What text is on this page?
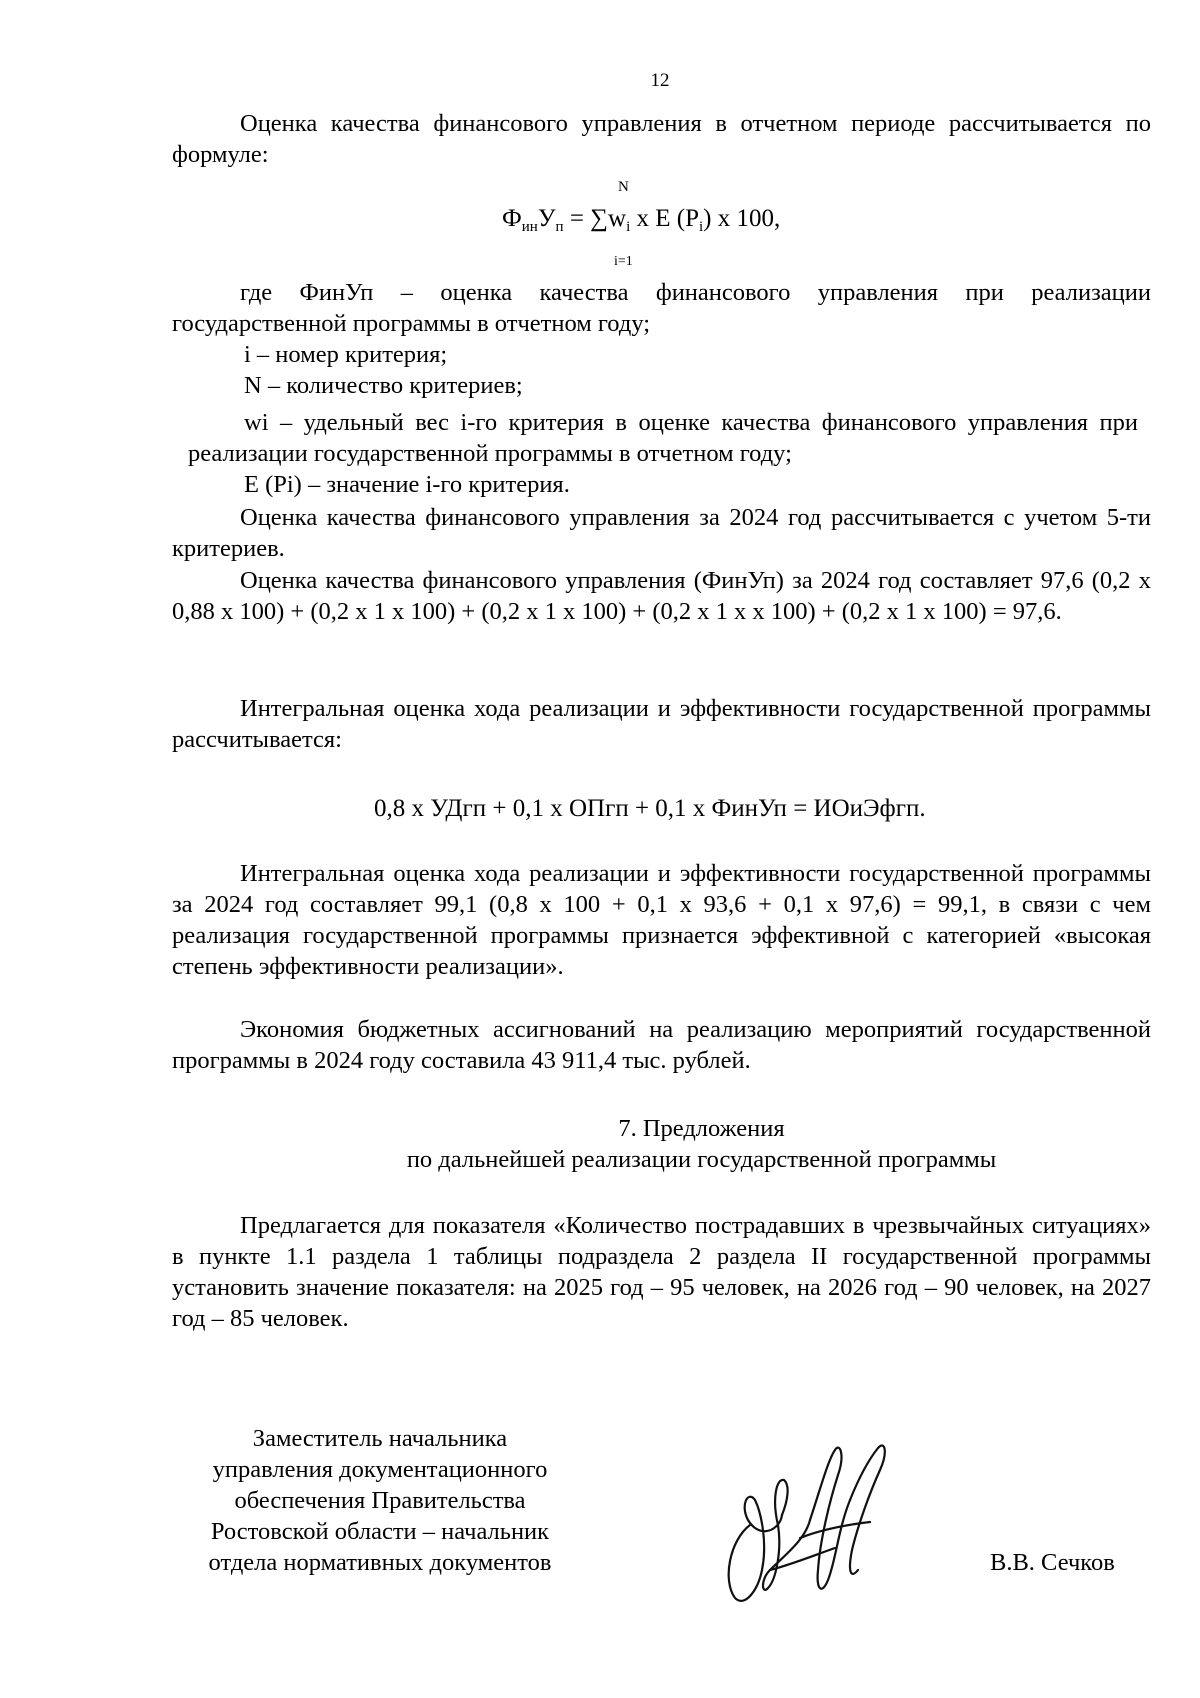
12
Оценка качества финансового управления в отчетном периоде рассчитывается по формуле:
N
$Ф_{ин}У_п = \sum w_i$ x E $(P_i)$ x 100,
i=1
где ФинУп – оценка качества финансового управления при реализации государственной программы в отчетном году;
i – номер критерия;
N – количество критериев;
wi – удельный вес i-го критерия в оценке качества финансового управления при реализации государственной программы в отчетном году;
E (Pi) – значение i-го критерия.
Оценка качества финансового управления за 2024 год рассчитывается с учетом 5-ти критериев.
Оценка качества финансового управления (ФинУп) за 2024 год составляет 97,6 (0,2 x 0,88 x 100) + (0,2 x 1 x 100) + (0,2 x 1 x 100) + (0,2 x 1 x x 100) + (0,2 x 1 x 100) = 97,6.
Интегральная оценка хода реализации и эффективности государственной программы рассчитывается:
0,8 x УДгп + 0,1 x ОПгп + 0,1 x ФинУп = ИОиЭфгп.
Интегральная оценка хода реализации и эффективности государственной программы за 2024 год составляет 99,1 (0,8 x 100 + 0,1 x 93,6 + 0,1 x 97,6) = 99,1, в связи с чем реализация государственной программы признается эффективной с категорией «высокая степень эффективности реализации».
Экономия бюджетных ассигнований на реализацию мероприятий государственной программы в 2024 году составила 43 911,4 тыс. рублей.
7. Предложения
по дальнейшей реализации государственной программы
Предлагается для показателя «Количество пострадавших в чрезвычайных ситуациях» в пункте 1.1 раздела 1 таблицы подраздела 2 раздела II государственной программы установить значение показателя: на 2025 год – 95 человек, на 2026 год – 90 человек, на 2027 год – 85 человек.
Заместитель начальника
управления документационного
обеспечения Правительства
Ростовской области – начальник
отдела нормативных документов	В.В. Сечков
